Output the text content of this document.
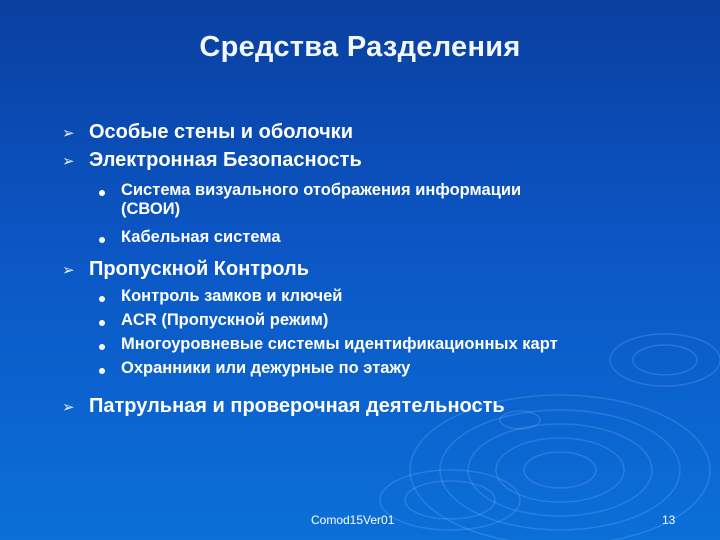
Средства Разделения
➢ Особые стены и оболочки
➢ Электронная Безопасность
Система визуального отображения информации
(СВОИ)
Кабельная система
➢ Пропускной Контроль
Контроль замков и ключей
ACR (Пропускной режим)
Многоуровневые системы идентификационных карт
Охранники или дежурные по этажу
➢ Патрульная и проверочная деятельность
Comod15Ver01	13
